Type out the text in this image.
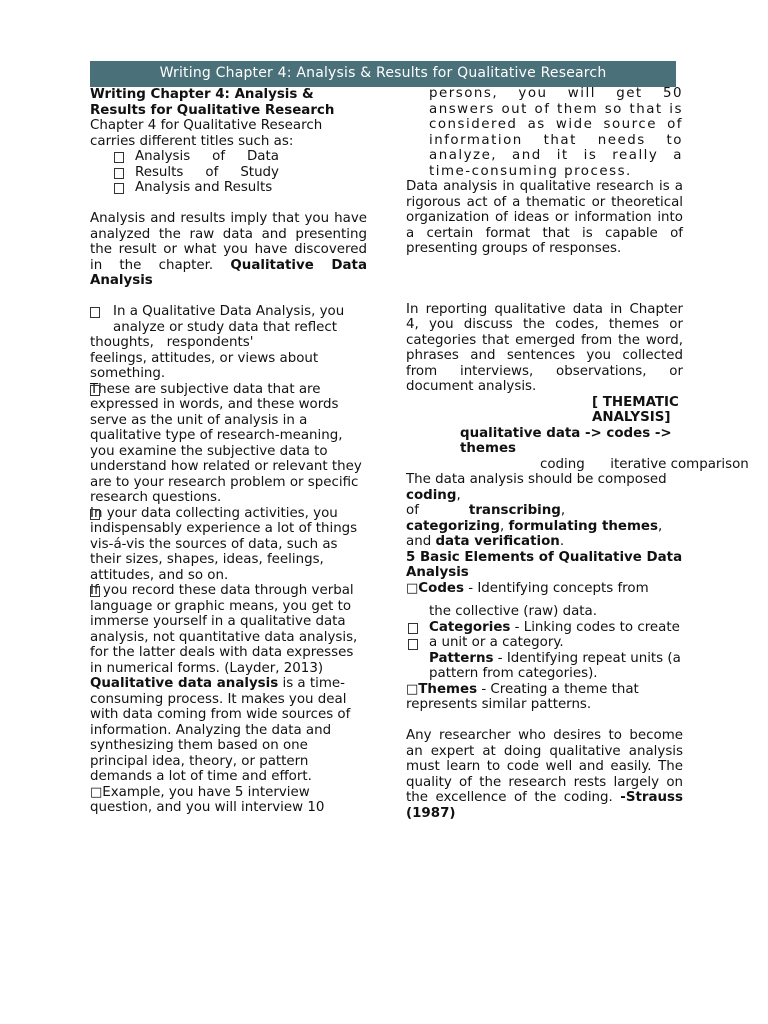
Writing Chapter 4: Analysis & Results for Qualitative Research

Writing Chapter 4: Analysis & Results for Qualitative Research

Chapter 4 for Qualitative Research carries different titles such as:

Analysis of Data
Results of Study
Analysis and Results

Analysis and results imply that you have analyzed the raw data and presenting the result or what you have discovered in the chapter. Qualitative Data Analysis

In a Qualitative Data Analysis, you analyze or study data that reflect

thoughts,   respondents'

feelings, attitudes, or views about something.

These are subjective data that are expressed in words, and these words serve as the unit of analysis in a qualitative type of research-meaning, you examine the subjective data to understand how related or relevant they are to your research problem or specific research questions.

In your data collecting activities, you indispensably experience a lot of things vis-á-vis the sources of data, such as their sizes, shapes, ideas, feelings, attitudes, and so on.

If you record these data through verbal language or graphic means, you get to immerse yourself in a qualitative data analysis, not quantitative data analysis, for the latter deals with data expresses in numerical forms. (Layder, 2013)

Qualitative data analysis is a time-consuming process. It makes you deal with data coming from wide sources of information. Analyzing the data and synthesizing them based on one principal idea, theory, or pattern demands a lot of time and effort.

□Example, you have 5 interview question, and you will interview 10

persons, you will get 50 answers out of them so that is considered as wide source of information that needs to analyze, and it is really a time-consuming process.

Data analysis in qualitative research is a rigorous act of a thematic or theoretical organization of ideas or information into a certain format that is capable of presenting groups of responses.

In reporting qualitative data in Chapter 4, you discuss the codes, themes or categories that emerged from the word, phrases and sentences you collected from interviews, observations, or document analysis.

[ THEMATIC ANALYSIS]

qualitative data -> codes -> themes

coding      iterative comparison

The data analysis should be composed coding,

of	transcribing,

categorizing, formulating themes,

and data verification.

5 Basic Elements of Qualitative Data Analysis

□Codes - Identifying concepts from

the collective (raw) data.

Categories - Linking codes to create a unit or a category.

Patterns - Identifying repeat units (a pattern from categories).

□Themes - Creating a theme that represents similar patterns.

Any researcher who desires to become an expert at doing qualitative analysis must learn to code well and easily. The quality of the research rests largely on the excellence of the coding. -Strauss (1987)
